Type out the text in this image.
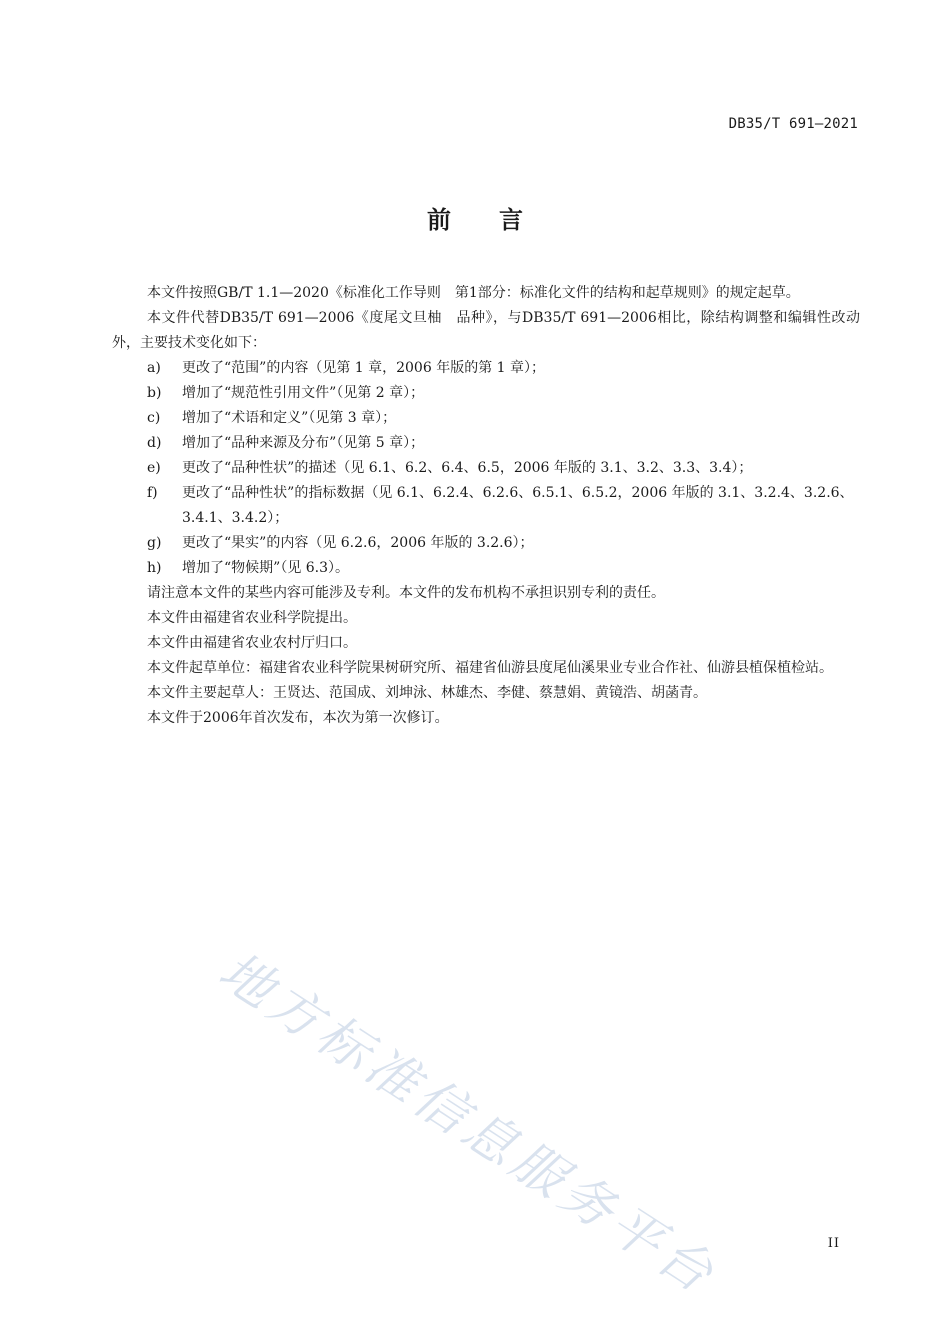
DB35/T 691—2021
前言

本文件按照GB/T 1.1—2020《标准化工作导则　第1部分：标准化文件的结构和起草规则》的规定起草。

本文件代替DB35/T 691—2006《度尾文旦柚　品种》，与DB35/T 691—2006相比，除结构调整和编辑性改动外，主要技术变化如下：

a) 更改了“范围”的内容（见第 1 章，2006 年版的第 1 章）；
b) 增加了“规范性引用文件”（见第 2 章）；
c) 增加了“术语和定义”（见第 3 章）；
d) 增加了“品种来源及分布”（见第 5 章）；
e) 更改了“品种性状”的描述（见 6.1、6.2、6.4、6.5，2006 年版的 3.1、3.2、3.3、3.4）；
f) 更改了“品种性状”的指标数据（见 6.1、6.2.4、6.2.6、6.5.1、6.5.2，2006 年版的 3.1、3.2.4、3.2.6、3.4.1、3.4.2）；
g) 更改了“果实”的内容（见 6.2.6，2006 年版的 3.2.6）；
h) 增加了“物候期”（见 6.3）。

请注意本文件的某些内容可能涉及专利。本文件的发布机构不承担识别专利的责任。

本文件由福建省农业科学院提出。

本文件由福建省农业农村厅归口。

本文件起草单位：福建省农业科学院果树研究所、福建省仙游县度尾仙溪果业专业合作社、仙游县植保植检站。

本文件主要起草人：王贤达、范国成、刘坤泳、林雄杰、李健、蔡慧娟、黄镜浩、胡菡青。

本文件于2006年首次发布，本次为第一次修订。

地方标准信息服务平台	II
